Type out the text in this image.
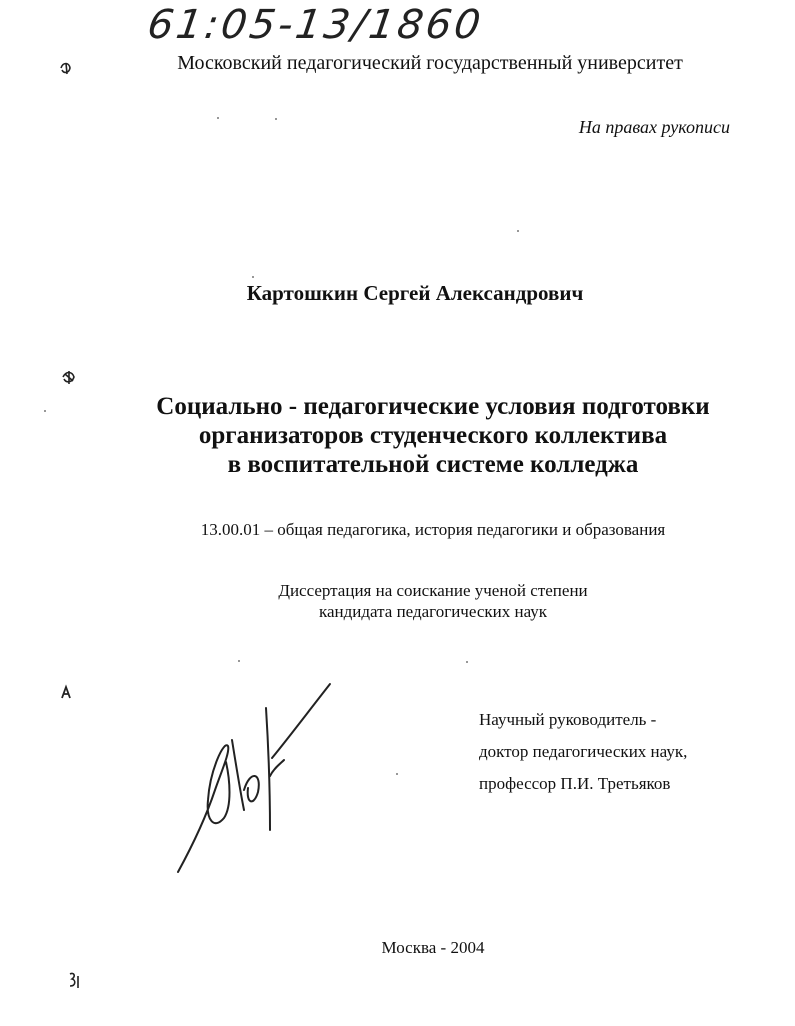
61:05-13/1860
Московский педагогический государственный университет
На правах рукописи
Картошкин Сергей Александрович
Социально - педагогические условия подготовки
организаторов студенческого коллектива
в воспитательной системе колледжа
13.00.01 – общая педагогика, история педагогики и образования
Диссертация на соискание ученой степени
кандидата педагогических наук
Научный руководитель -
доктор педагогических наук,
профессор П.И. Третьяков
Москва - 2004
